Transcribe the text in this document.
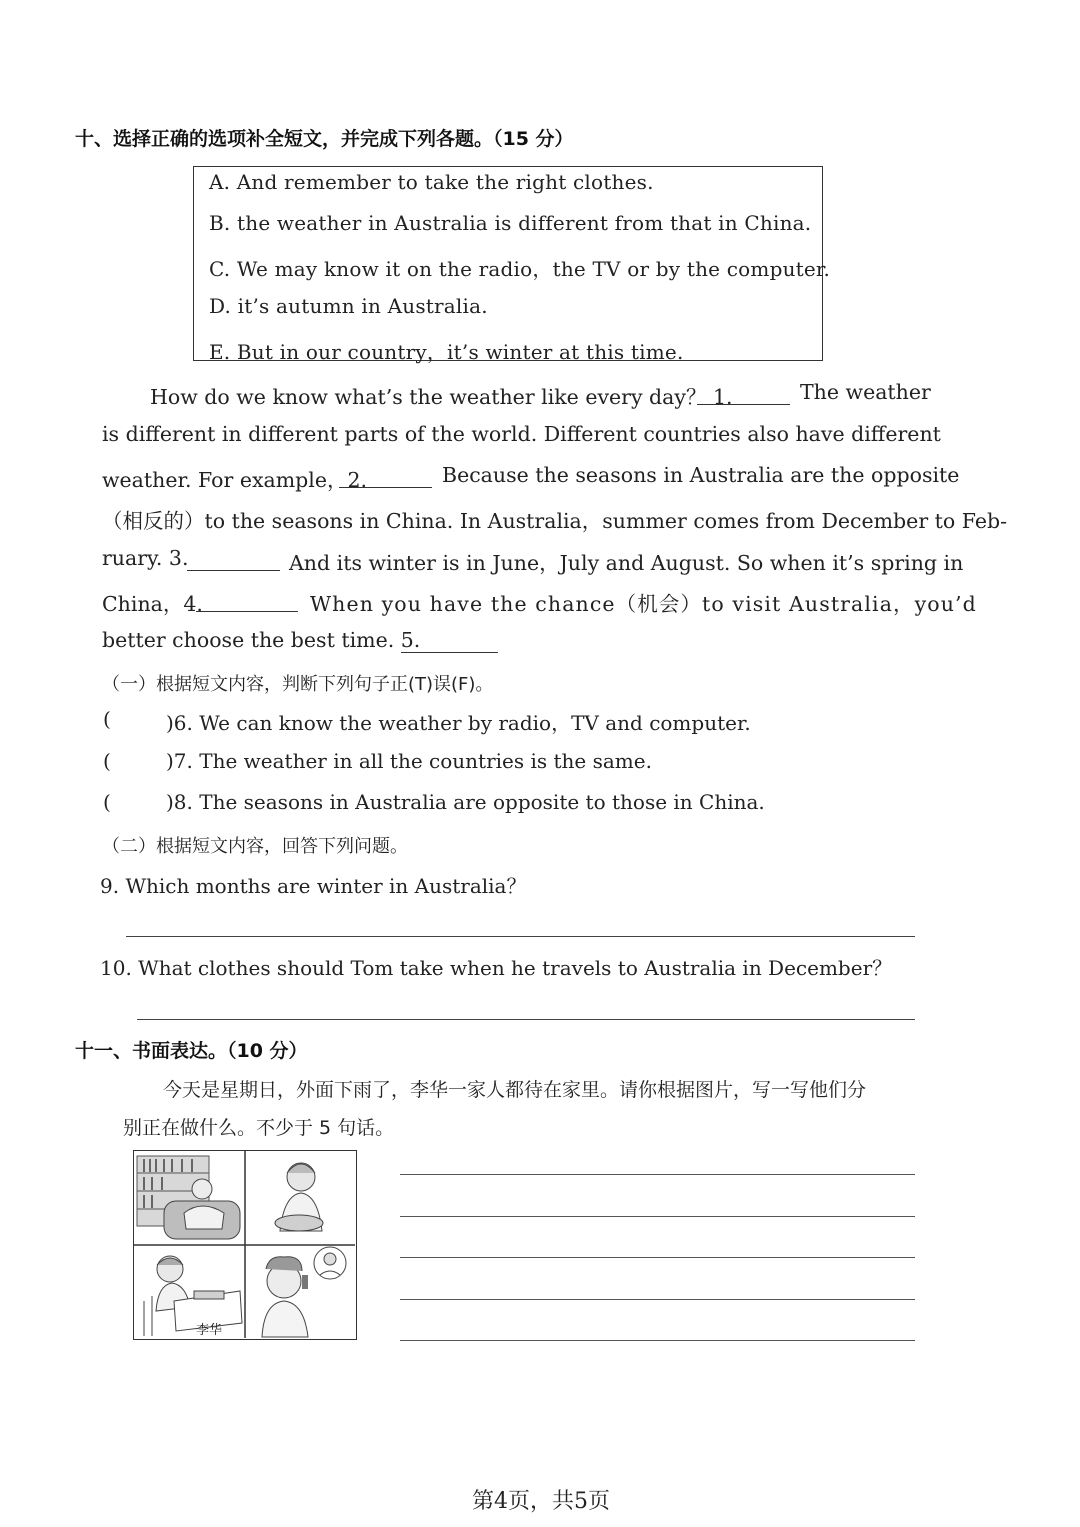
十、选择正确的选项补全短文，并完成下列各题。（15 分）
A. And remember to take the right clothes.
B. the weather in Australia is different from that in China.
C. We may know it on the radio，the TV or by the computer.
D. it’s autumn in Australia.
E. But in our country，it’s winter at this time.
How do we know what’s the weather like every day？ 1.	The weather
is different in different parts of the world. Different countries also have different
weather. For example，2.	Because the seasons in Australia are the opposite
（相反的）to the seasons in China. In Australia，summer comes from December to Feb-
ruary. 3.	And its winter is in June，July and August. So when it’s spring in
China，4.	When you have the chance（机会）to visit Australia，you’d
better choose the best time. 5.
（一）根据短文内容，判断下列句子正(T)误(F)。
(	)6. We can know the weather by radio，TV and computer.
(	)7. The weather in all the countries is the same.
(	)8. The seasons in Australia are opposite to those in China.
（二）根据短文内容，回答下列问题。
9. Which months are winter in Australia？
10. What clothes should Tom take when he travels to Australia in December？
十一、书面表达。（10 分）
今天是星期日，外面下雨了，李华一家人都待在家里。请你根据图片，写一写他们分
别正在做什么。不少于 5 句话。
李华
第4页，共5页
